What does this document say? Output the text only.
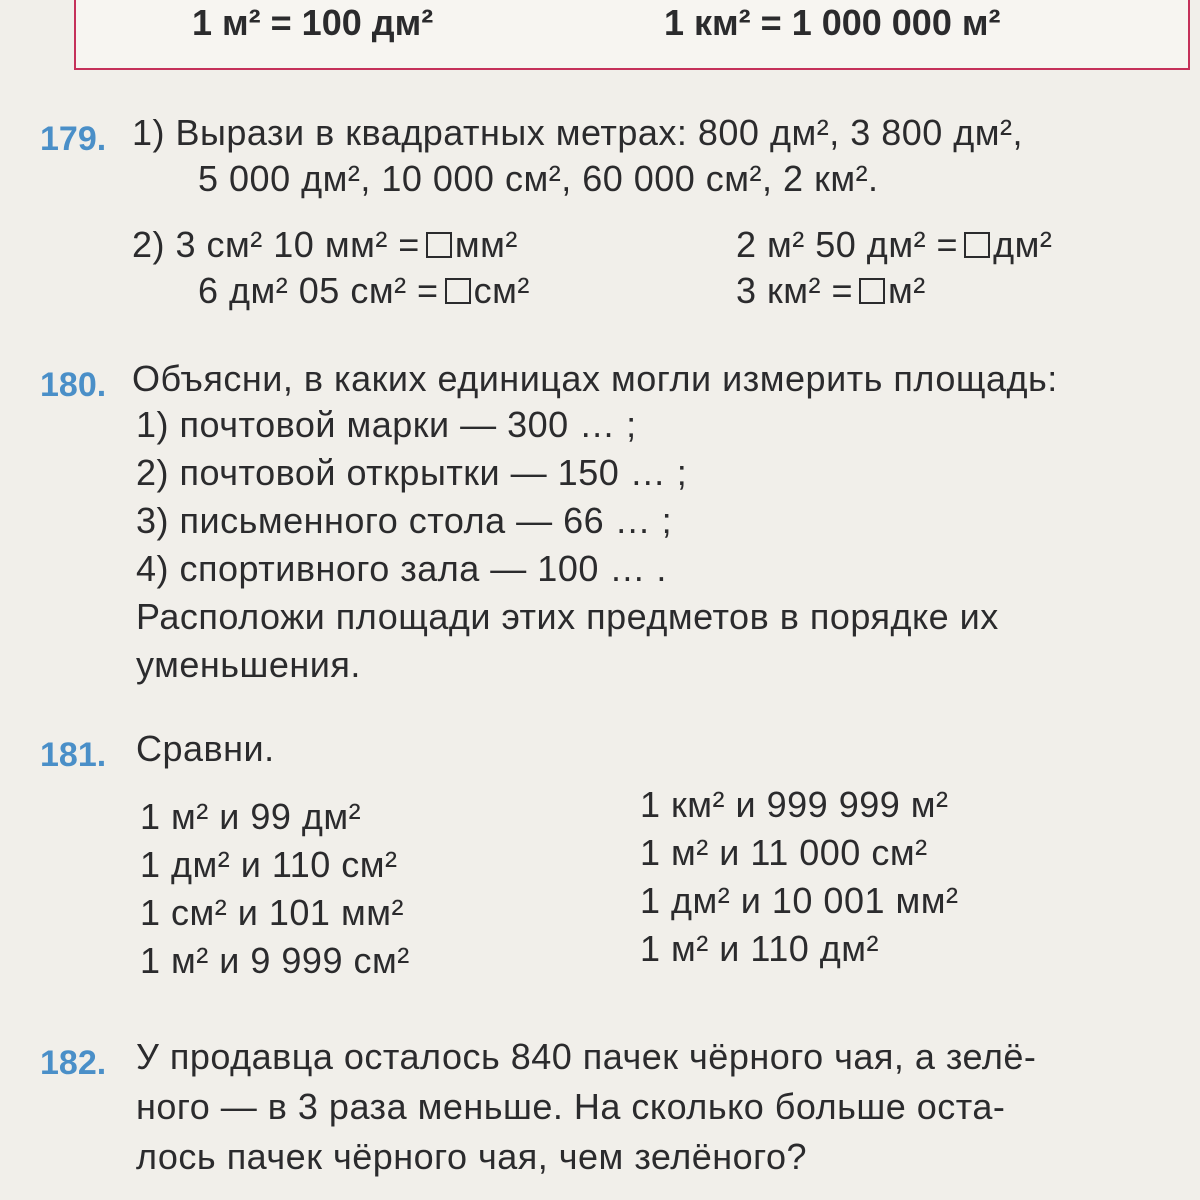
1 м² = 100 дм²	1 км² = 1 000 000 м²
179. 1) Вырази в квадратных метрах: 800 дм², 3 800 дм²,
5 000 дм², 10 000 см², 60 000 см², 2 км².
2) 3 см² 10 мм² = мм²	2 м² 50 дм² = дм²
6 дм² 05 см² = см²	3 км² = м²
180. Объясни, в каких единицах могли измерить площадь:
1) почтовой марки — 300 … ;
2) почтовой открытки — 150 … ;
3) письменного стола — 66 … ;
4) спортивного зала — 100 … .
Расположи площади этих предметов в порядке их
уменьшения.
181. Сравни.
1 м² и 99 дм²
1 дм² и 110 см²
1 см² и 101 мм²
1 м² и 9 999 см²
1 км² и 999 999 м²
1 м² и 11 000 см²
1 дм² и 10 001 мм²
1 м² и 110 дм²
182. У продавца осталось 840 пачек чёрного чая, а зелё-
ного — в 3 раза меньше. На сколько больше оста-
лось пачек чёрного чая, чем зелёного?
